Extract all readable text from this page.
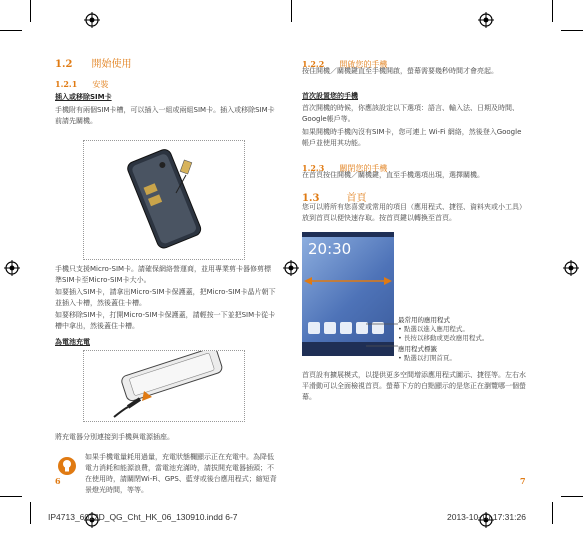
1.2 開始使用
1.2.1 安裝
插入或移除SIM卡
手機附有兩個SIM卡槽，可以插入一組或兩組SIM卡。插入或移除SIM卡前請先關機。
手機只支援Micro-SIM卡。請確保網絡營運商，並用專業剪卡器修剪標準SIM卡至Micro-SIM卡大小。
如要插入SIM卡，請拿出Micro-SIM卡保護蓋，把Micro-SIM卡晶片朝下並插入卡槽，然後蓋住卡槽。
如要移除SIM卡，打開Micro-SIM卡保護蓋，請輕按一下並把SIM卡從卡槽中拿出，然後蓋住卡槽。
為電池充電
將充電器分別連接到手機與電源插座。
如果手機電量耗用過量，充電狀態欄顯示正在充電中。為降低電力消耗和能源浪費，當電池充滿時，請拔開充電器插頭；不在使用時，請關閉Wi-Fi、GPS、藍芽或後台應用程式；縮短背景燈光時間，等等。
6
1.2.2 開啟您的手機
按住開機／關機鍵直至手機開啟，螢幕需要幾秒時間才會亮起。
首次設置您的手機
首次開機的時候，你應該設定以下選項：語言、輸入法、日期及時間、Google帳戶等。
如果開機時手機內沒有SIM卡，您可連上 Wi-Fi 網絡，然後登入Google帳戶並使用其功能。
1.2.3 關閉您的手機
在首頁按住開機／關機鍵，直至手機選項出現，選擇關機。
1.3	首頁
您可以將所有您喜愛或常用的項目（應用程式、捷徑、資料夾或小工具）放到首頁以便快速存取。按首頁鍵以轉換至首頁。
20:30
最常用的應用程式
• 點選以進入應用程式。
• 長按以移動或更改應用程式。
應用程式標籤
• 點選以打開首頁。
首頁設有擴展模式，以提供更多空間增添應用程式圖示、捷徑等。左右水平滑動可以全面檢視首頁。螢幕下方的白點顯示的是您正在瀏覽哪一個螢幕。
7
IP4713_6012D_QG_Cht_HK_06_130910.indd 6-7	2013-10-10 17:31:26
